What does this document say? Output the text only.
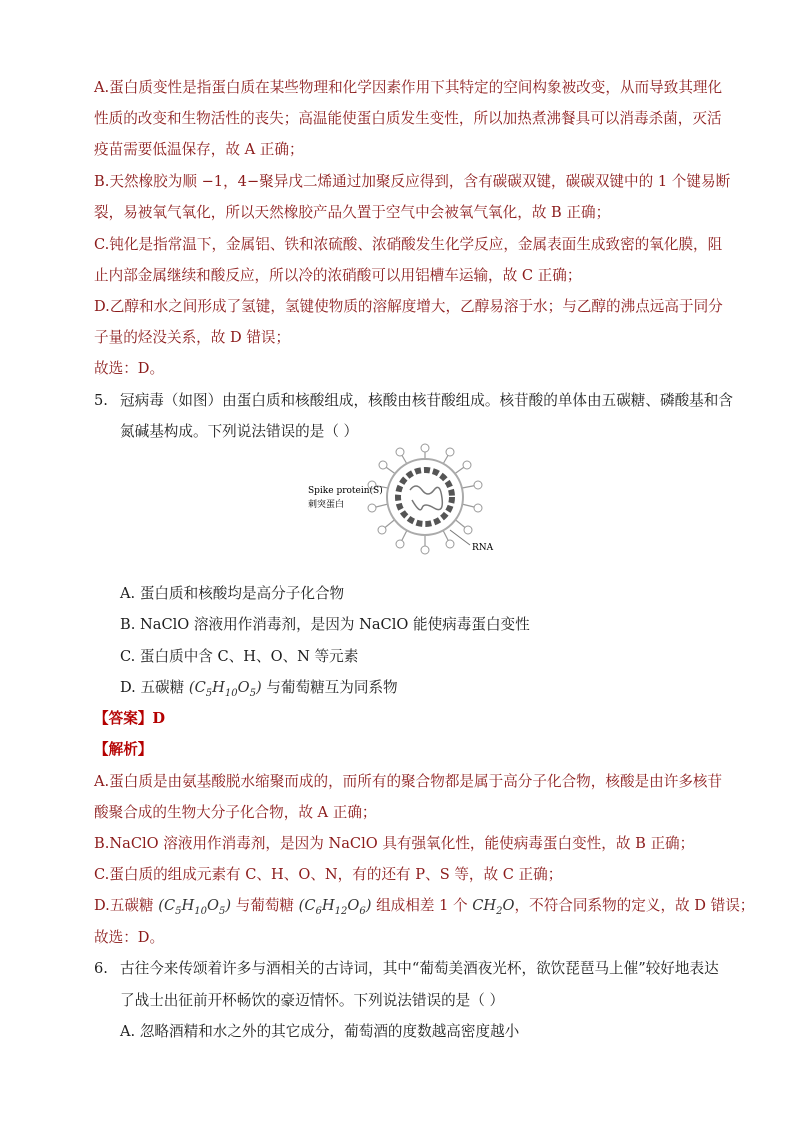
A.蛋白质变性是指蛋白质在某些物理和化学因素作用下其特定的空间构象被改变，从而导致其理化
性质的改变和生物活性的丧失；高温能使蛋白质发生变性，所以加热煮沸餐具可以消毒杀菌，灭活
疫苗需要低温保存，故 A 正确；
B.天然橡胶为顺 −1，4−聚异戊二烯通过加聚反应得到，含有碳碳双键，碳碳双键中的 1 个键易断
裂，易被氧气氧化，所以天然橡胶产品久置于空气中会被氧气氧化，故 B 正确；
C.钝化是指常温下，金属铝、铁和浓硫酸、浓硝酸发生化学反应，金属表面生成致密的氧化膜，阻
止内部金属继续和酸反应，所以冷的浓硝酸可以用铝槽车运输，故 C 正确；
D.乙醇和水之间形成了氢键，氢键使物质的溶解度增大，乙醇易溶于水；与乙醇的沸点远高于同分
子量的烃没关系，故 D 错误；
故选：D。
5. 冠病毒（如图）由蛋白质和核酸组成，核酸由核苷酸组成。核苷酸的单体由五碳糖、磷酸基和含
氮碱基构成。下列说法错误的是（ ）
RNA
Spike protein(S)
刺突蛋白
A. 蛋白质和核酸均是高分子化合物
B. NaClO 溶液用作消毒剂，是因为 NaClO 能使病毒蛋白变性
C. 蛋白质中含 C、H、O、N 等元素
D. 五碳糖 $(C_5H_{10}O_5)$ 与葡萄糖互为同系物
【答案】D
【解析】
A.蛋白质是由氨基酸脱水缩聚而成的，而所有的聚合物都是属于高分子化合物，核酸是由许多核苷
酸聚合成的生物大分子化合物，故 A 正确；
B.NaClO 溶液用作消毒剂，是因为 NaClO 具有强氧化性，能使病毒蛋白变性，故 B 正确；
C.蛋白质的组成元素有 C、H、O、N，有的还有 P、S 等，故 C 正确；
D.五碳糖 $(C_5H_{10}O_5)$ 与葡萄糖 $(C_6H_{12}O_6)$ 组成相差 1 个 $CH_2O$，不符合同系物的定义，故 D 错误；
故选：D。
6. 古往今来传颂着许多与酒相关的古诗词，其中“葡萄美酒夜光杯，欲饮琵琶马上催”较好地表达
了战士出征前开杯畅饮的豪迈情怀。下列说法错误的是（ ）
A. 忽略酒精和水之外的其它成分，葡萄酒的度数越高密度越小
